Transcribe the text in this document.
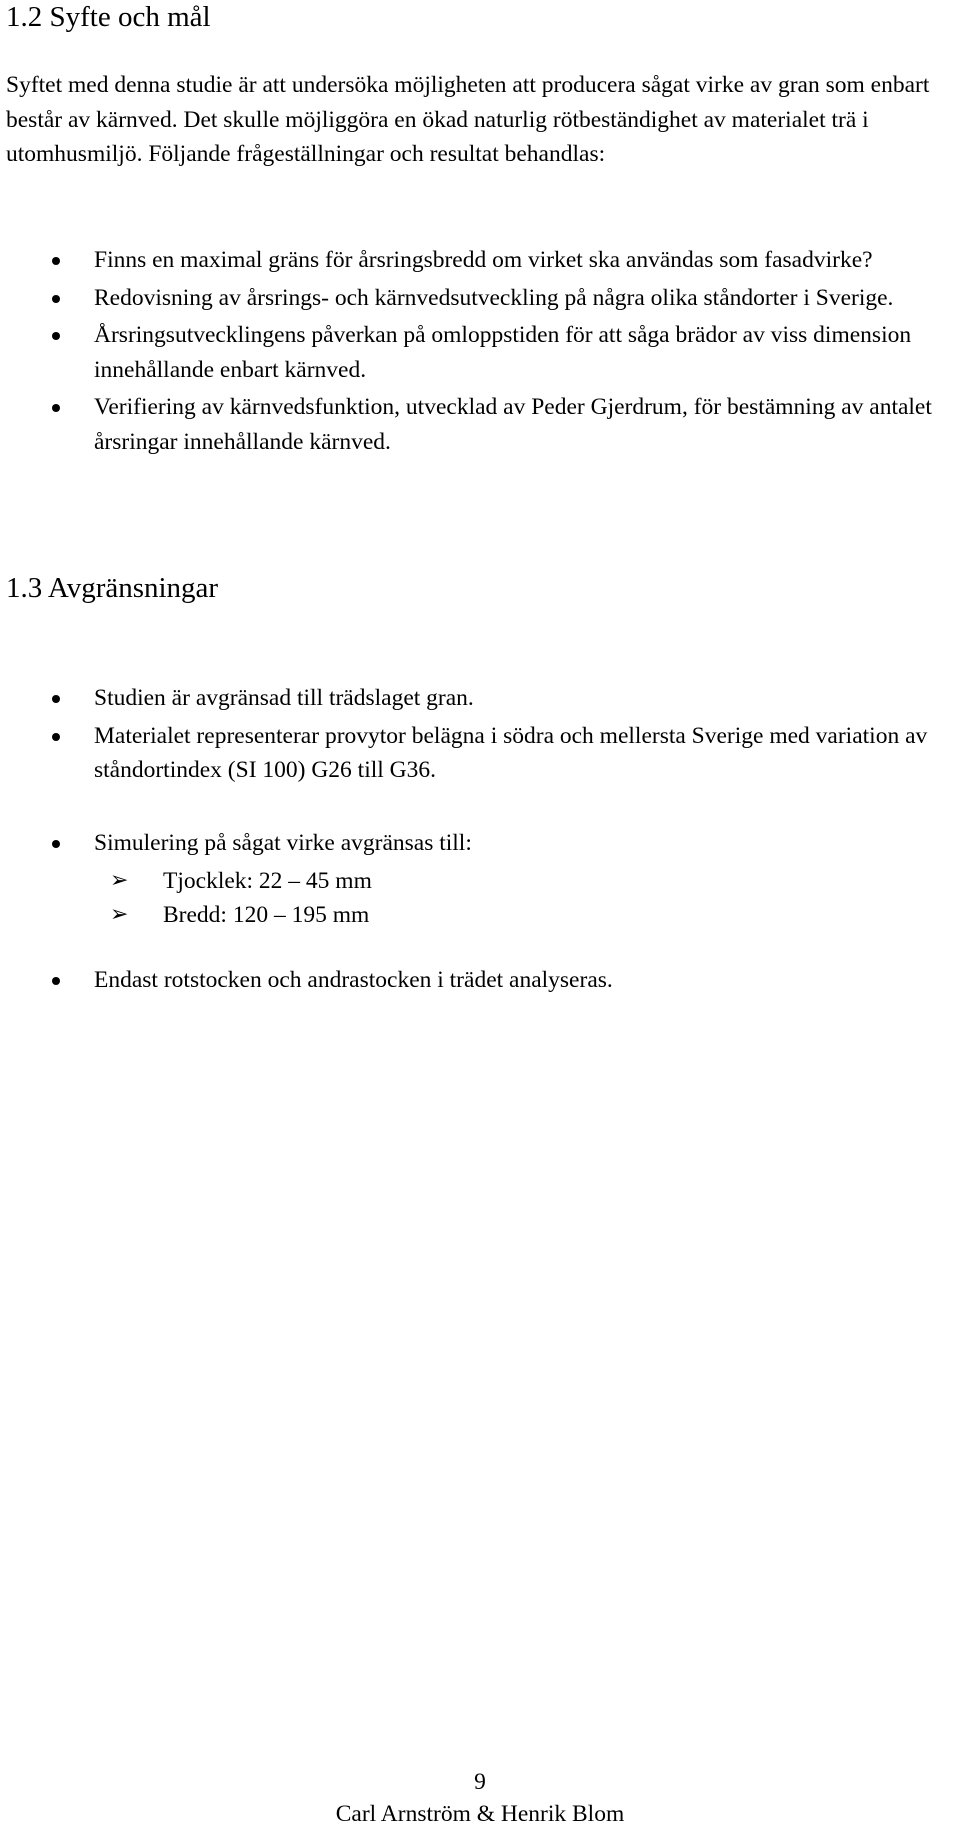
1.2 Syfte och mål

Syftet med denna studie är att undersöka möjligheten att producera sågat virke av gran som enbart består av kärnved. Det skulle möjliggöra en ökad naturlig rötbeständighet av materialet trä i utomhusmiljö. Följande frågeställningar och resultat behandlas:

Finns en maximal gräns för årsringsbredd om virket ska användas som fasadvirke?
Redovisning av årsrings- och kärnvedsutveckling på några olika ståndorter i Sverige.
Årsringsutvecklingens påverkan på omloppstiden för att såga brädor av viss dimension innehållande enbart kärnved.
Verifiering av kärnvedsfunktion, utvecklad av Peder Gjerdrum, för bestämning av antalet årsringar innehållande kärnved.
1.3 Avgränsningar
Studien är avgränsad till trädslaget gran.
Materialet representerar provytor belägna i södra och mellersta Sverige med variation av ståndortindex (SI 100) G26 till G36.
Simulering på sågat virke avgränsas till:
➢ Tjocklek: 22 – 45 mm
➢ Bredd: 120 – 195 mm
Endast rotstocken och andrastocken i trädet analyseras.
9
Carl Arnström & Henrik Blom
